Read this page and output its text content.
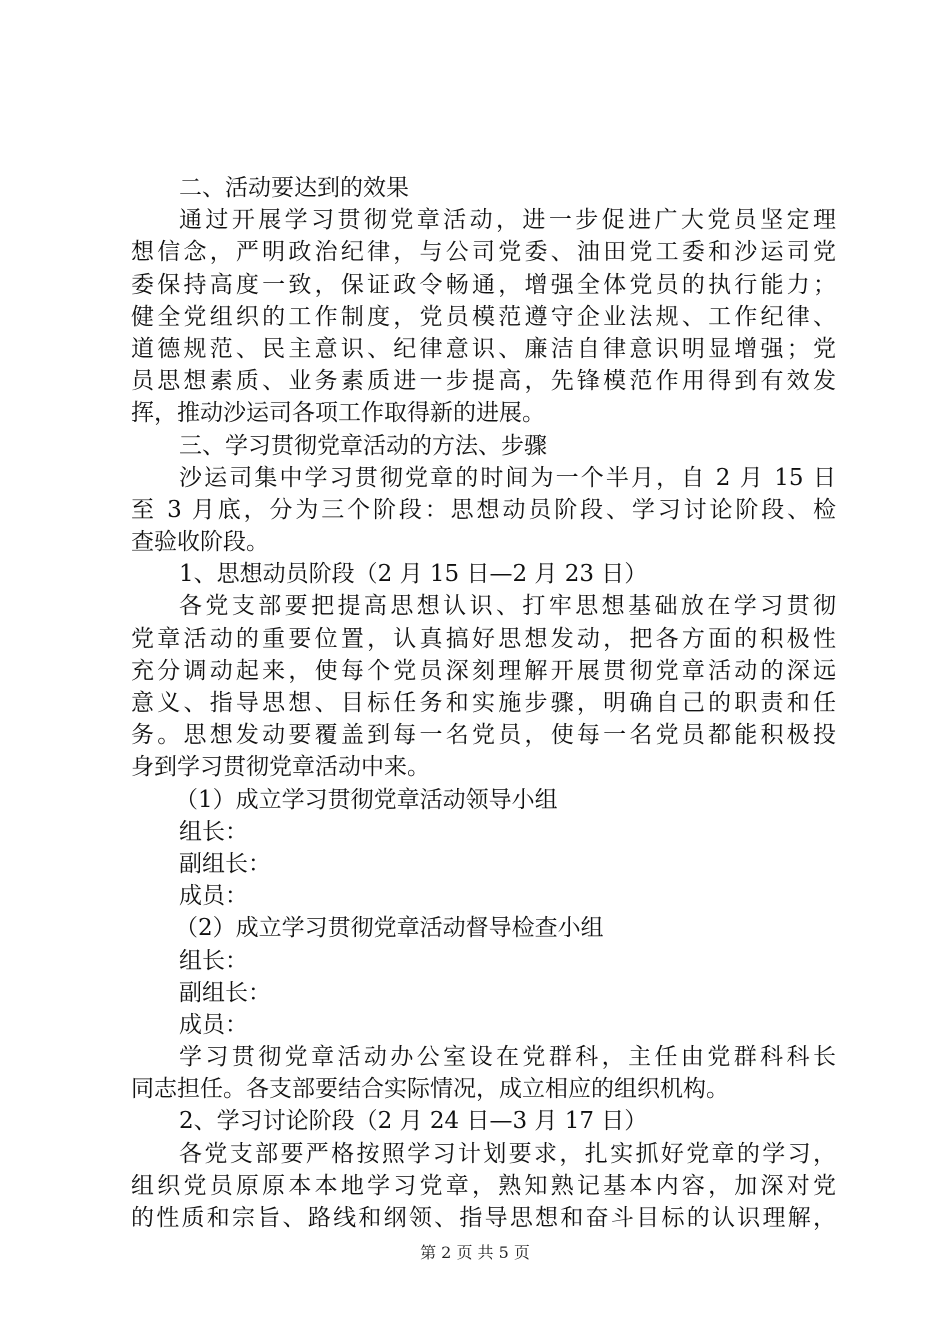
二、活动要达到的效果
通过开展学习贯彻党章活动，进一步促进广大党员坚定理
想信念，严明政治纪律，与公司党委、油田党工委和沙运司党
委保持高度一致，保证政令畅通，增强全体党员的执行能力；
健全党组织的工作制度，党员模范遵守企业法规、工作纪律、
道德规范、民主意识、纪律意识、廉洁自律意识明显增强；党
员思想素质、业务素质进一步提高，先锋模范作用得到有效发
挥，推动沙运司各项工作取得新的进展。
三、学习贯彻党章活动的方法、步骤
沙运司集中学习贯彻党章的时间为一个半月，自 2 月 15 日
至 3 月底，分为三个阶段：思想动员阶段、学习讨论阶段、检
查验收阶段。
1、思想动员阶段（2 月 15 日—2 月 23 日）
各党支部要把提高思想认识、打牢思想基础放在学习贯彻
党章活动的重要位置，认真搞好思想发动，把各方面的积极性
充分调动起来，使每个党员深刻理解开展贯彻党章活动的深远
意义、指导思想、目标任务和实施步骤，明确自己的职责和任
务。思想发动要覆盖到每一名党员，使每一名党员都能积极投
身到学习贯彻党章活动中来。
（1）成立学习贯彻党章活动领导小组
组长：
副组长：
成员：
（2）成立学习贯彻党章活动督导检查小组
组长：
副组长：
成员：
学习贯彻党章活动办公室设在党群科，主任由党群科科长
同志担任。各支部要结合实际情况，成立相应的组织机构。
2、学习讨论阶段（2 月 24 日—3 月 17 日）
各党支部要严格按照学习计划要求，扎实抓好党章的学习，
组织党员原原本本地学习党章，熟知熟记基本内容，加深对党
的性质和宗旨、路线和纲领、指导思想和奋斗目标的认识理解，
第 2 页 共 5 页
